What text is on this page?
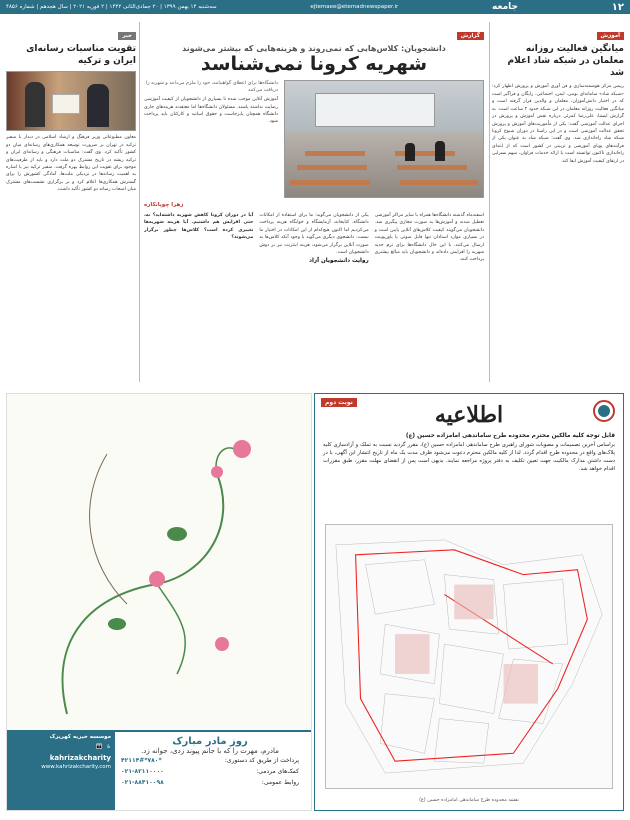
۱۲
جامعه
ejtemaee@etemadnewspaper.ir
سه‌شنبه ۱۴ بهمن ۱۳۹۹ | ۲۰ جمادی‌الثانی ۱۴۴۲ | ۲ فوریه ۲۰۲۱ | سال هجدهم | شماره ۴۸۵۶
آموزش
میانگین فعالیت روزانه معلمان در شبکه شاد اعلام شد
رییس مرکز هوشمندسازی و فن آوری آموزش و پرورش اظهار کرد: «شبکه شاد» سامانه‌ای بومی، ایمن، اجتماعی، رایگان و فراگیر است که در اختیار دانش‌آموزان، معلمان و والدین قرار گرفته است و میانگین فعالیت روزانه معلمان در این شبکه حدود ۲ ساعت است. به گزارش ایسنا، علی‌رضا کمرئی درباره نقش آموزش و پرورش در اجرای عدالت آموزشی گفت: یکی از مأموریت‌های آموزش و پرورش تحقق عدالت آموزشی است و در این راستا در دوران شیوع کرونا شبکه شاد راه‌اندازی شد. وی گفت: شبکه شاد به عنوان یکی از فرآیندهای پویای آموزشی و تربیتی در کشور است که از ابتدای راه‌اندازی تاکنون توانسته است با ارائه خدمات فراوان، سهم بسزایی در ارتقای کیفیت آموزش ایفا کند.
گزارش
دانشجویان: کلاس‌هایی که نمی‌روند و هزینه‌هایی که بیشتر می‌شوند
شهریه کرونا نمی‌شناسد
دانشگاه‌ها برای اعطای گواهینامه، خود را ملزم می‌دانند و شهریه را دریافت می‌کنند
آموزش آنلاین موجب شده تا بسیاری از دانشجویان از کیفیت آموزشی رضایت نداشته باشند. مسئولان دانشگاه‌ها اما معتقدند هزینه‌های جاری دانشگاه همچنان پابرجاست و حقوق اساتید و کارکنان باید پرداخت شود.
زهرا چوپانکاره
اسفندماه گذشته دانشگاه‌ها همراه با سایر مراکز آموزشی تعطیل شدند و آموزش‌ها به صورت مجازی پیگیری شد. دانشجویان می‌گویند کیفیت کلاس‌های آنلاین پایین است و در بسیاری موارد استادان تنها فایل صوتی یا پاورپوینت ارسال می‌کنند. با این حال دانشگاه‌ها برای ترم جدید شهریه را افزایش داده‌اند و دانشجویان باید مبالغ بیشتری پرداخت کنند.
یکی از دانشجویان می‌گوید: ما برای استفاده از امکانات دانشگاه، کتابخانه، آزمایشگاه و خوابگاه هزینه پرداخت می‌کردیم اما اکنون هیچ‌کدام از این امکانات در اختیار ما نیست. دانشجوی دیگری می‌گوید با وجود آنکه کلاس‌ها به صورت آنلاین برگزار می‌شود، هزینه اینترنت نیز بر دوش دانشجویان است.
روایت دانشجویان آزاد
آیا در دوران کرونا کاهش شهریه داشته‌اید؟ نه، حتی افزایش هم داشتیم. آیا هزینه شهریه‌ها تغییری کرده است؟ کلاس‌ها چطور برگزار می‌شوند؟
خبر
تقویت مناسبات رسانه‌ای ایران و ترکیه
معاون مطبوعاتی وزیر فرهنگ و ارشاد اسلامی در دیدار با سفیر ترکیه در تهران بر ضرورت توسعه همکاری‌های رسانه‌ای میان دو کشور تأکید کرد. وی گفت: مناسبات فرهنگی و رسانه‌ای ایران و ترکیه ریشه در تاریخ مشترک دو ملت دارد و باید از ظرفیت‌های موجود برای تقویت این روابط بهره گرفت. سفیر ترکیه نیز با اشاره به اهمیت رسانه‌ها در نزدیکی ملت‌ها، آمادگی کشورش را برای گسترش همکاری‌ها اعلام کرد و بر برگزاری نشست‌های مشترک میان اصحاب رسانه دو کشور تأکید داشت.
نوبت دوم	اطلاعیه
قابل توجه کلیه مالکین محترم محدوده طرح ساماندهی امامزاده حسین (ع)
براساس آخرین تصمیمات و مصوبات شورای راهبری طرح ساماندهی امامزاده حسین (ع)، مقرر گردید نسبت به تملک و آزادسازی کلیه پلاک‌های واقع در محدوده طرح اقدام گردد. لذا از کلیه مالکین محترم دعوت می‌شود ظرف مدت یک ماه از تاریخ انتشار این آگهی، با در دست داشتن مدارک مالکیت جهت تعیین تکلیف به دفتر پروژه مراجعه نمایند. بدیهی است پس از انقضای مهلت مقرر، طبق مقررات اقدام خواهد شد.
نقشه محدوده طرح ساماندهی امامزاده حسین (ع)
روز مادر مبارک
مادرم، مهرت را که با جانم پیوند زدی، جوانه زد.
پرداخت از طریق کد دستوری:
*۷۸۰*۴۲۱۱۴#
کمک‌های مردمی:
۰۲۱-۸۲۱۱۰۰۰۰
روابط عمومی:
۰۲۱-۸۸۴۱۰۰۹۸
موسسه خیریه کهریزک
♿
👪
kahrizakcharity
www.kahrizakcharity.com
